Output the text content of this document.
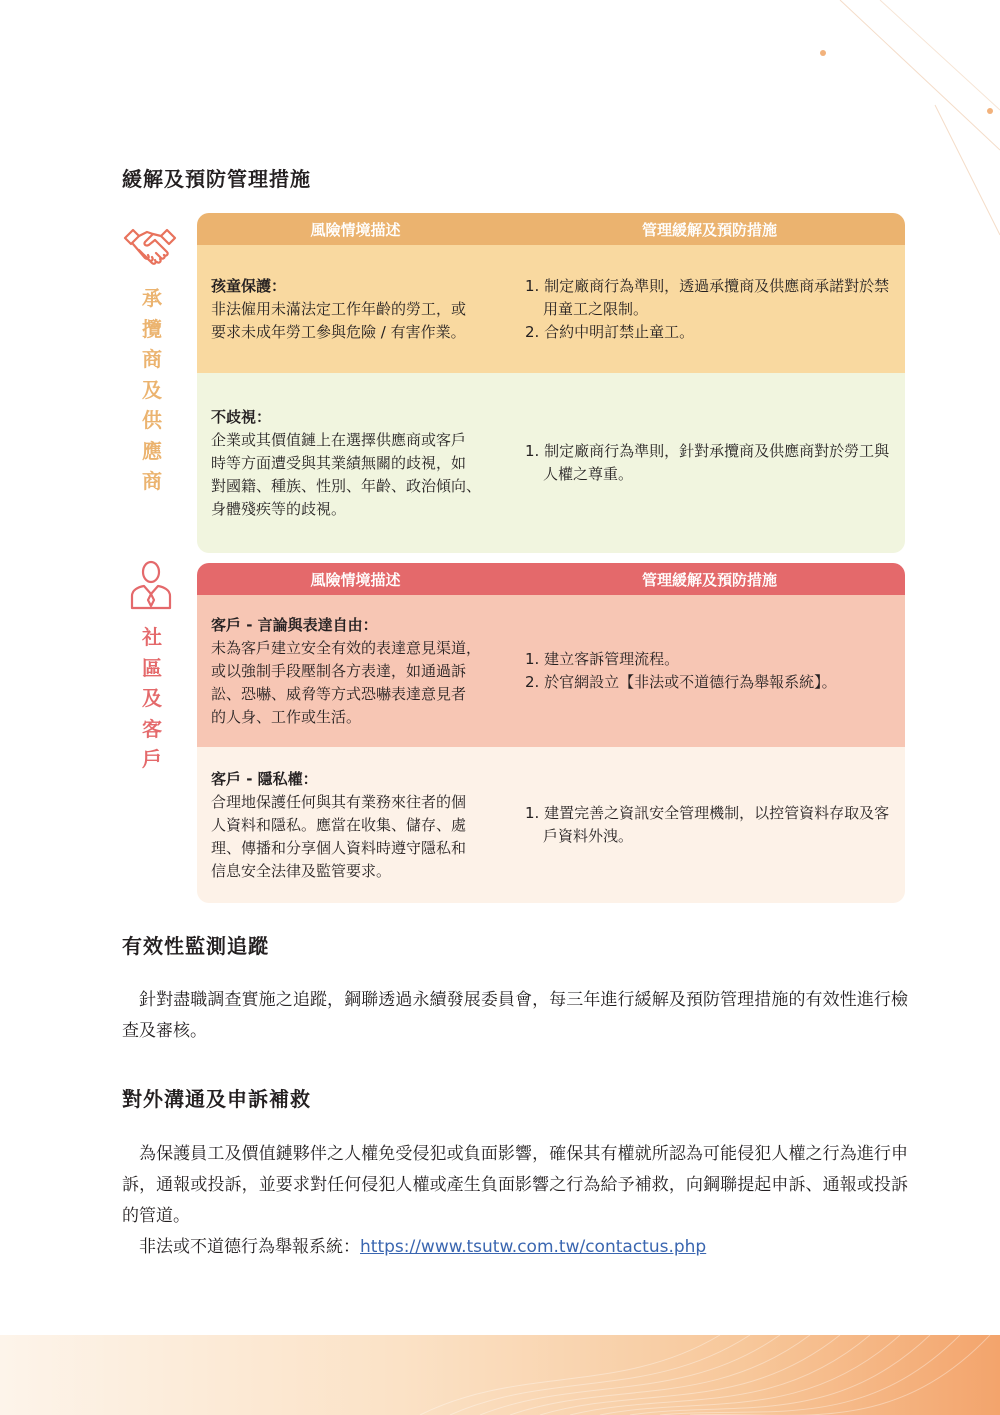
緩解及預防管理措施
承
攬
商
及
供
應
商
風險情境描述	管理緩解及預防措施
孩童保護：
非法僱用未滿法定工作年齡的勞工，或
要求未成年勞工參與危險 / 有害作業。
1. 制定廠商行為準則，透過承攬商及供應商承諾對於禁用童工之限制。
2. 合約中明訂禁止童工。
不歧視：
企業或其價值鏈上在選擇供應商或客戶
時等方面遭受與其業績無關的歧視，如
對國籍、種族、性別、年齡、政治傾向、
身體殘疾等的歧視。
1. 制定廠商行為準則，針對承攬商及供應商對於勞工與人權之尊重。
社
區
及
客
戶
風險情境描述	管理緩解及預防措施
客戶 - 言論與表達自由：
未為客戶建立安全有效的表達意見渠道，
或以強制手段壓制各方表達，如通過訴
訟、恐嚇、威脅等方式恐嚇表達意見者
的人身、工作或生活。
1. 建立客訴管理流程。
2. 於官網設立【非法或不道德行為舉報系統】。
客戶 - 隱私權：
合理地保護任何與其有業務來往者的個
人資料和隱私。應當在收集、儲存、處
理、傳播和分享個人資料時遵守隱私和
信息安全法律及監管要求。
1. 建置完善之資訊安全管理機制，以控管資料存取及客戶資料外洩。
有效性監測追蹤

針對盡職調查實施之追蹤，鋼聯透過永續發展委員會，每三年進行緩解及預防管理措施的有效性進行檢查及審核。

對外溝通及申訴補救

為保護員工及價值鏈夥伴之人權免受侵犯或負面影響，確保其有權就所認為可能侵犯人權之行為進行申訴，通報或投訴，並要求對任何侵犯人權或產生負面影響之行為給予補救，向鋼聯提起申訴、通報或投訴的管道。

非法或不道德行為舉報系統：https://www.tsutw.com.tw/contactus.php
